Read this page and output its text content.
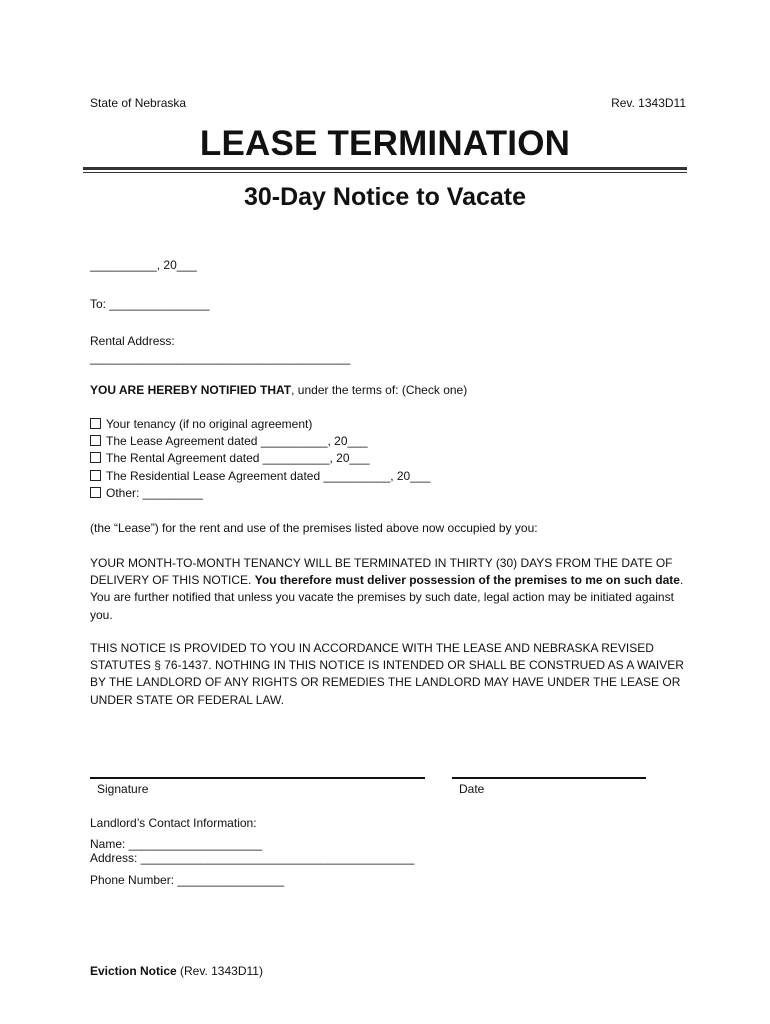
State of Nebraska	Rev. 1343D11
LEASE TERMINATION
30-Day Notice to Vacate
__________, 20___
To: _______________
Rental Address:
_______________________________________
YOU ARE HEREBY NOTIFIED THAT, under the terms of: (Check one)
Your tenancy (if no original agreement)
The Lease Agreement dated __________, 20___
The Rental Agreement dated __________, 20___
The Residential Lease Agreement dated __________, 20___
Other: _________
(the “Lease”) for the rent and use of the premises listed above now occupied by you:
YOUR MONTH-TO-MONTH TENANCY WILL BE TERMINATED IN THIRTY (30) DAYS FROM THE DATE OF DELIVERY OF THIS NOTICE. You therefore must deliver possession of the premises to me on such date. You are further notified that unless you vacate the premises by such date, legal action may be initiated against you.
THIS NOTICE IS PROVIDED TO YOU IN ACCORDANCE WITH THE LEASE AND NEBRASKA REVISED STATUTES § 76-1437. NOTHING IN THIS NOTICE IS INTENDED OR SHALL BE CONSTRUED AS A WAIVER BY THE LANDLORD OF ANY RIGHTS OR REMEDIES THE LANDLORD MAY HAVE UNDER THE LEASE OR UNDER STATE OR FEDERAL LAW.
Signature	Date
Landlord’s Contact Information:
Name: ____________________
Address: _________________________________________
Phone Number: ________________
Eviction Notice (Rev. 1343D11)
